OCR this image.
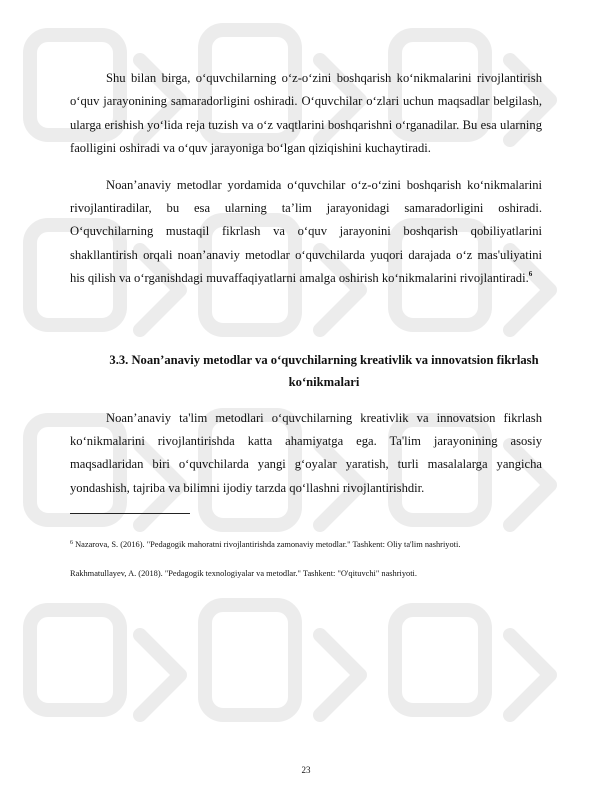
Shu bilan birga, o‘quvchilarning o‘z-o‘zini boshqarish ko‘nikmalarini rivojlantirish o‘quv jarayonining samaradorligini oshiradi. O‘quvchilar o‘zlari uchun maqsadlar belgilash, ularga erishish yo‘lida reja tuzish va o‘z vaqtlarini boshqarishni o‘rganadilar. Bu esa ularning faolligini oshiradi va o‘quv jarayoniga bo‘lgan qiziqishini kuchaytiradi.

Noan’anaviy metodlar yordamida o‘quvchilar o‘z-o‘zini boshqarish ko‘nikmalarini rivojlantiradilar, bu esa ularning ta’lim jarayonidagi samaradorligini oshiradi. O‘quvchilarning mustaqil fikrlash va o‘quv jarayonini boshqarish qobiliyatlarini shakllantirish orqali noan’anaviy metodlar o‘quvchilarda yuqori darajada o‘z mas'uliyatini his qilish va o‘rganishdagi muvaffaqiyatlarni amalga oshirish ko‘nikmalarini rivojlantiradi.$^6$

3.3. Noan’anaviy metodlar va o‘quvchilarning kreativlik va innovatsion fikrlash ko‘nikmalari

Noan’anaviy ta'lim metodlari o‘quvchilarning kreativlik va innovatsion fikrlash ko‘nikmalarini rivojlantirishda katta ahamiyatga ega. Ta'lim jarayonining asosiy maqsadlaridan biri o‘quvchilarda yangi g‘oyalar yaratish, turli masalalarga yangicha yondashish, tajriba va bilimni ijodiy tarzda qo‘llashni rivojlantirishdir.

$^6$ Nazarova, S. (2016). "Pedagogik mahoratni rivojlantirishda zamonaviy metodlar." Tashkent: Oliy ta'lim nashriyoti.

Rakhmatullayev, A. (2018). "Pedagogik texnologiyalar va metodlar." Tashkent: "O'qituvchi" nashriyoti.

23
